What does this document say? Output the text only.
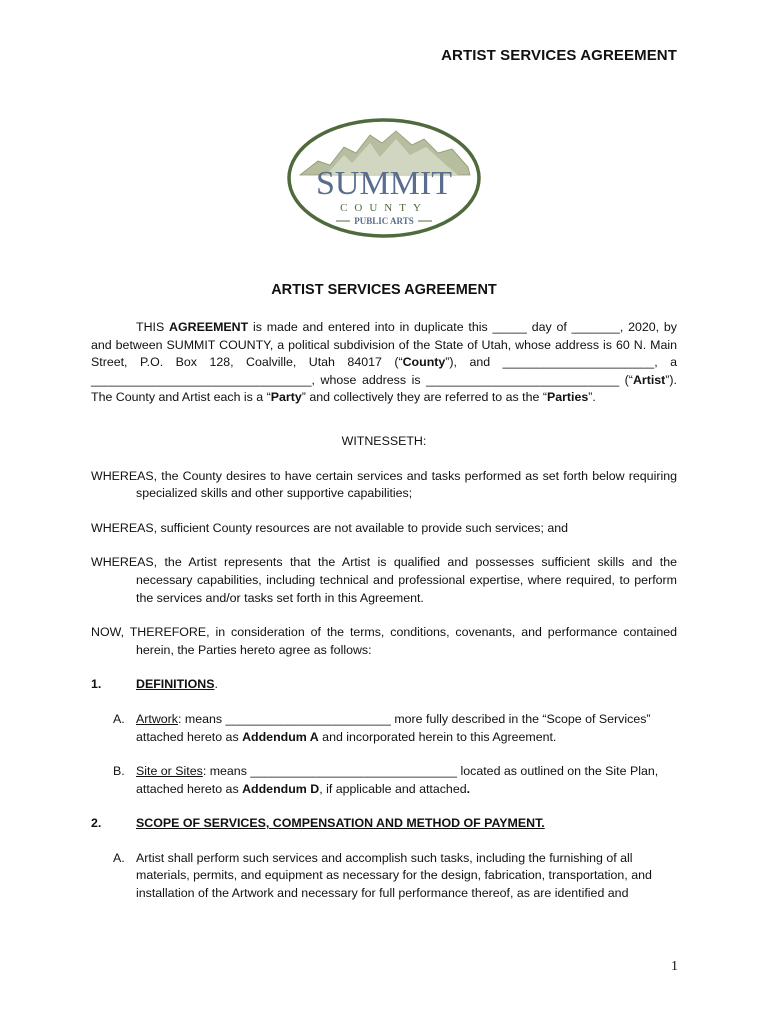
ARTIST SERVICES AGREEMENT
SUMMIT
COUNTY
PUBLIC ARTS
ARTIST SERVICES AGREEMENT

THIS AGREEMENT is made and entered into in duplicate this _____ day of _______, 2020, by and between SUMMIT COUNTY, a political subdivision of the State of Utah, whose address is 60 N. Main Street, P.O. Box 128, Coalville, Utah 84017 (“County”), and ______________________, a ________________________________, whose address is ____________________________ (“Artist”). The County and Artist each is a “Party” and collectively they are referred to as the “Parties”.

WITNESSETH:

WHEREAS, the County desires to have certain services and tasks performed as set forth below requiring specialized skills and other supportive capabilities;

WHEREAS, sufficient County resources are not available to provide such services; and

WHEREAS, the Artist represents that the Artist is qualified and possesses sufficient skills and the necessary capabilities, including technical and professional expertise, where required, to perform the services and/or tasks set forth in this Agreement.

NOW, THEREFORE, in consideration of the terms, conditions, covenants, and performance contained herein, the Parties hereto agree as follows:

1.	DEFINITIONS.
A. Artwork: means ________________________ more fully described in the “Scope of Services” attached hereto as Addendum A and incorporated herein to this Agreement.
B. Site or Sites: means ______________________________ located as outlined on the Site Plan, attached hereto as Addendum D, if applicable and attached.
2.	SCOPE OF SERVICES, COMPENSATION AND METHOD OF PAYMENT.
A. Artist shall perform such services and accomplish such tasks, including the furnishing of all materials, permits, and equipment as necessary for the design, fabrication, transportation, and installation of the Artwork and necessary for full performance thereof, as are identified and
1
